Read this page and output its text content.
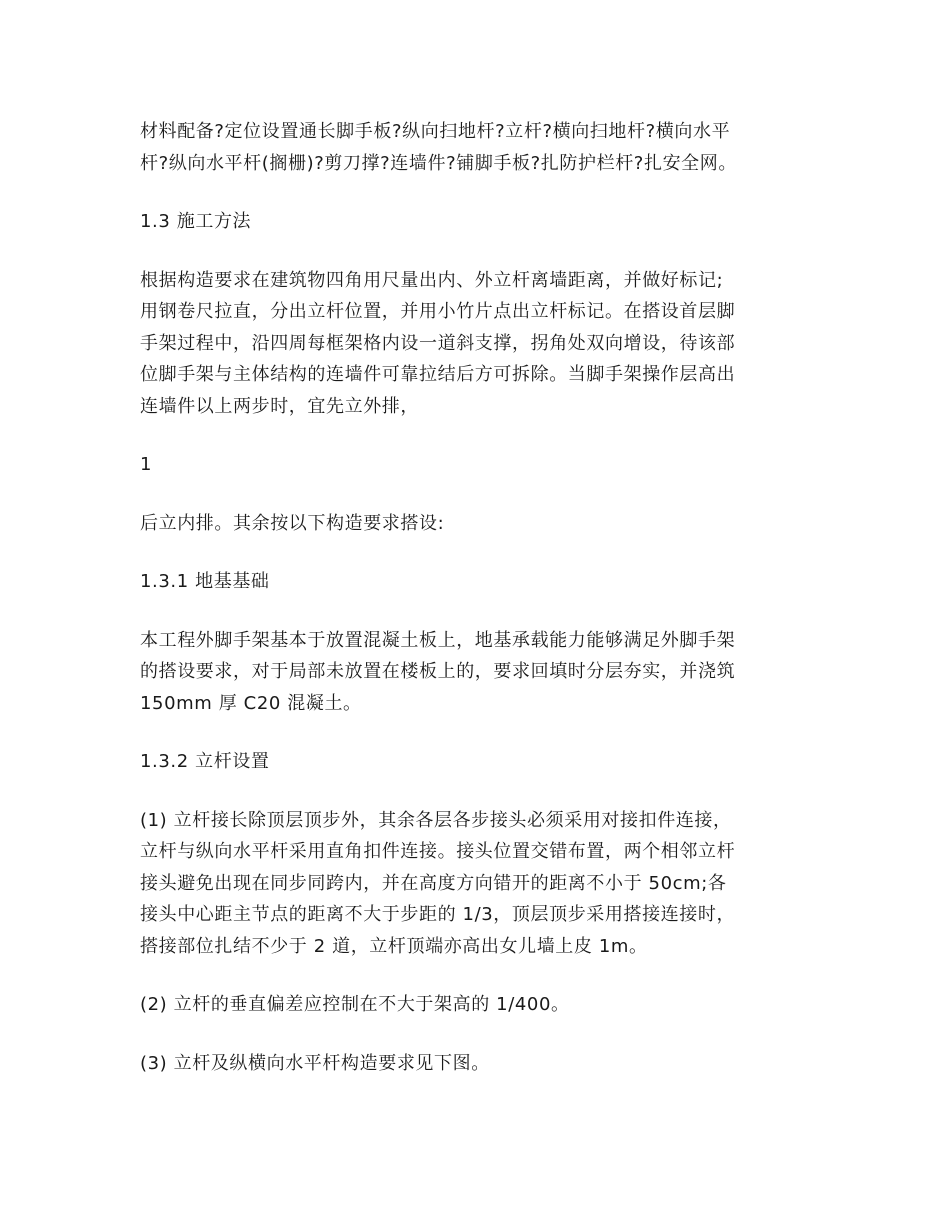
材料配备?定位设置通长脚手板?纵向扫地杆?立杆?横向扫地杆?横向水平
杆?纵向水平杆(搁栅)?剪刀撑?连墙件?铺脚手板?扎防护栏杆?扎安全网。

1.3 施工方法

根据构造要求在建筑物四角用尺量出内、外立杆离墙距离，并做好标记;
用钢卷尺拉直，分出立杆位置，并用小竹片点出立杆标记。在搭设首层脚
手架过程中，沿四周每框架格内设一道斜支撑，拐角处双向增设，待该部
位脚手架与主体结构的连墙件可靠拉结后方可拆除。当脚手架操作层高出
连墙件以上两步时，宜先立外排，

1

后立内排。其余按以下构造要求搭设:

1.3.1 地基基础

本工程外脚手架基本于放置混凝土板上，地基承载能力能够满足外脚手架
的搭设要求，对于局部未放置在楼板上的，要求回填时分层夯实，并浇筑
150mm 厚 C20 混凝土。

1.3.2 立杆设置

(1) 立杆接长除顶层顶步外，其余各层各步接头必须采用对接扣件连接，
立杆与纵向水平杆采用直角扣件连接。接头位置交错布置，两个相邻立杆
接头避免出现在同步同跨内，并在高度方向错开的距离不小于 50cm;各
接头中心距主节点的距离不大于步距的 1/3，顶层顶步采用搭接连接时，
搭接部位扎结不少于 2 道，立杆顶端亦高出女儿墙上皮 1m。

(2) 立杆的垂直偏差应控制在不大于架高的 1/400。

(3) 立杆及纵横向水平杆构造要求见下图。
